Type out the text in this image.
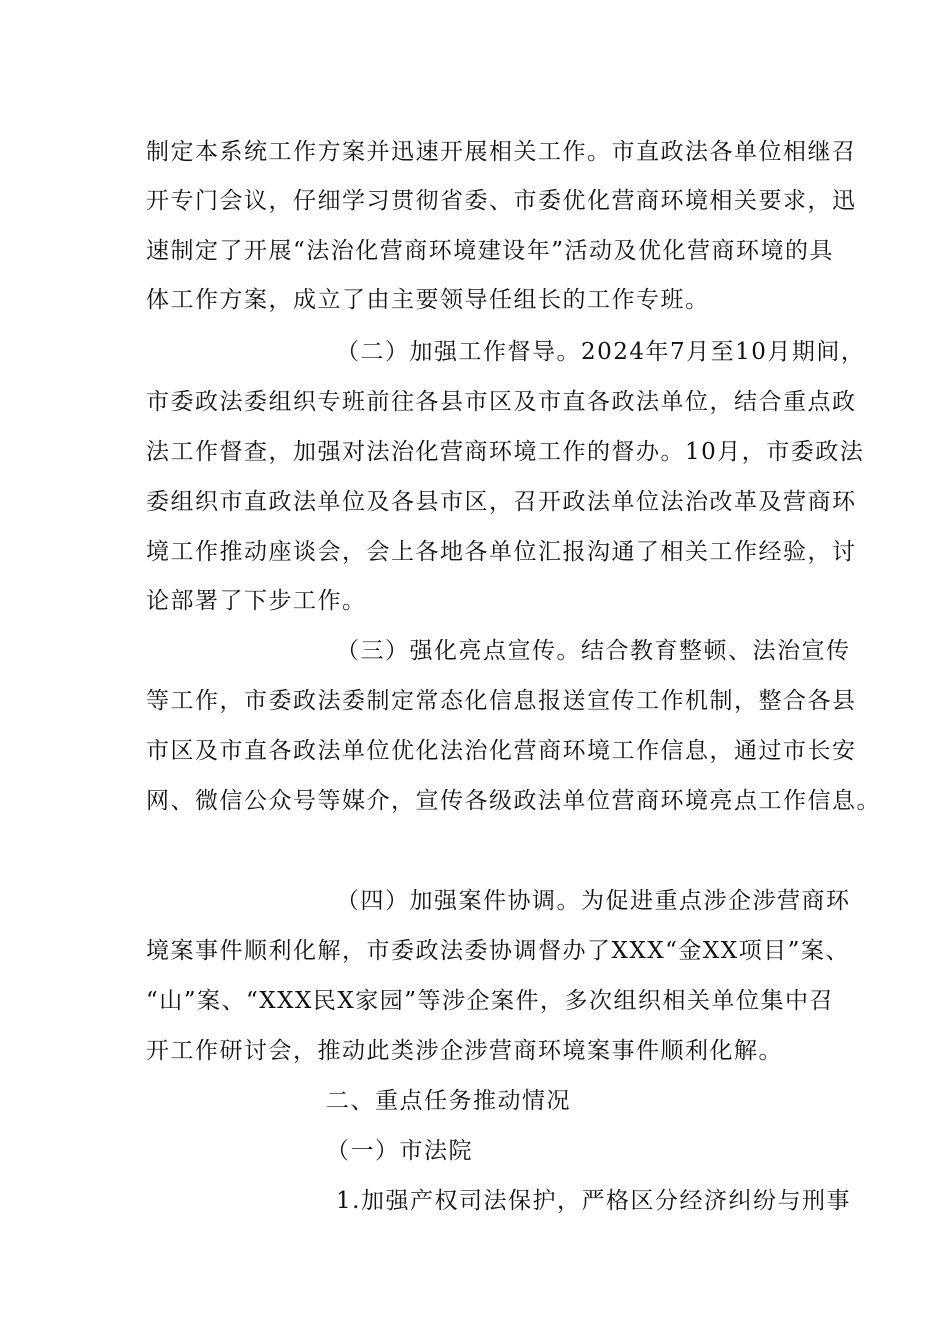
制定本系统工作方案并迅速开展相关工作。市直政法各单位相继召
开专门会议，仔细学习贯彻省委、市委优化营商环境相关要求，迅
速制定了开展“法治化营商环境建设年”活动及优化营商环境的具
体工作方案，成立了由主要领导任组长的工作专班。
（二）加强工作督导。2024年7月至10月期间，
市委政法委组织专班前往各县市区及市直各政法单位，结合重点政
法工作督查，加强对法治化营商环境工作的督办。10月，市委政法
委组织市直政法单位及各县市区，召开政法单位法治改革及营商环
境工作推动座谈会，会上各地各单位汇报沟通了相关工作经验，讨
论部署了下步工作。
（三）强化亮点宣传。结合教育整顿、法治宣传
等工作，市委政法委制定常态化信息报送宣传工作机制，整合各县
市区及市直各政法单位优化法治化营商环境工作信息，通过市长安
网、微信公众号等媒介，宣传各级政法单位营商环境亮点工作信息。
（四）加强案件协调。为促进重点涉企涉营商环
境案事件顺利化解，市委政法委协调督办了XXX“金XX项目”案、
“山”案、“XXX民X家园”等涉企案件，多次组织相关单位集中召
开工作研讨会，推动此类涉企涉营商环境案事件顺利化解。
二、重点任务推动情况
（一）市法院
1.加强产权司法保护，严格区分经济纠纷与刑事
